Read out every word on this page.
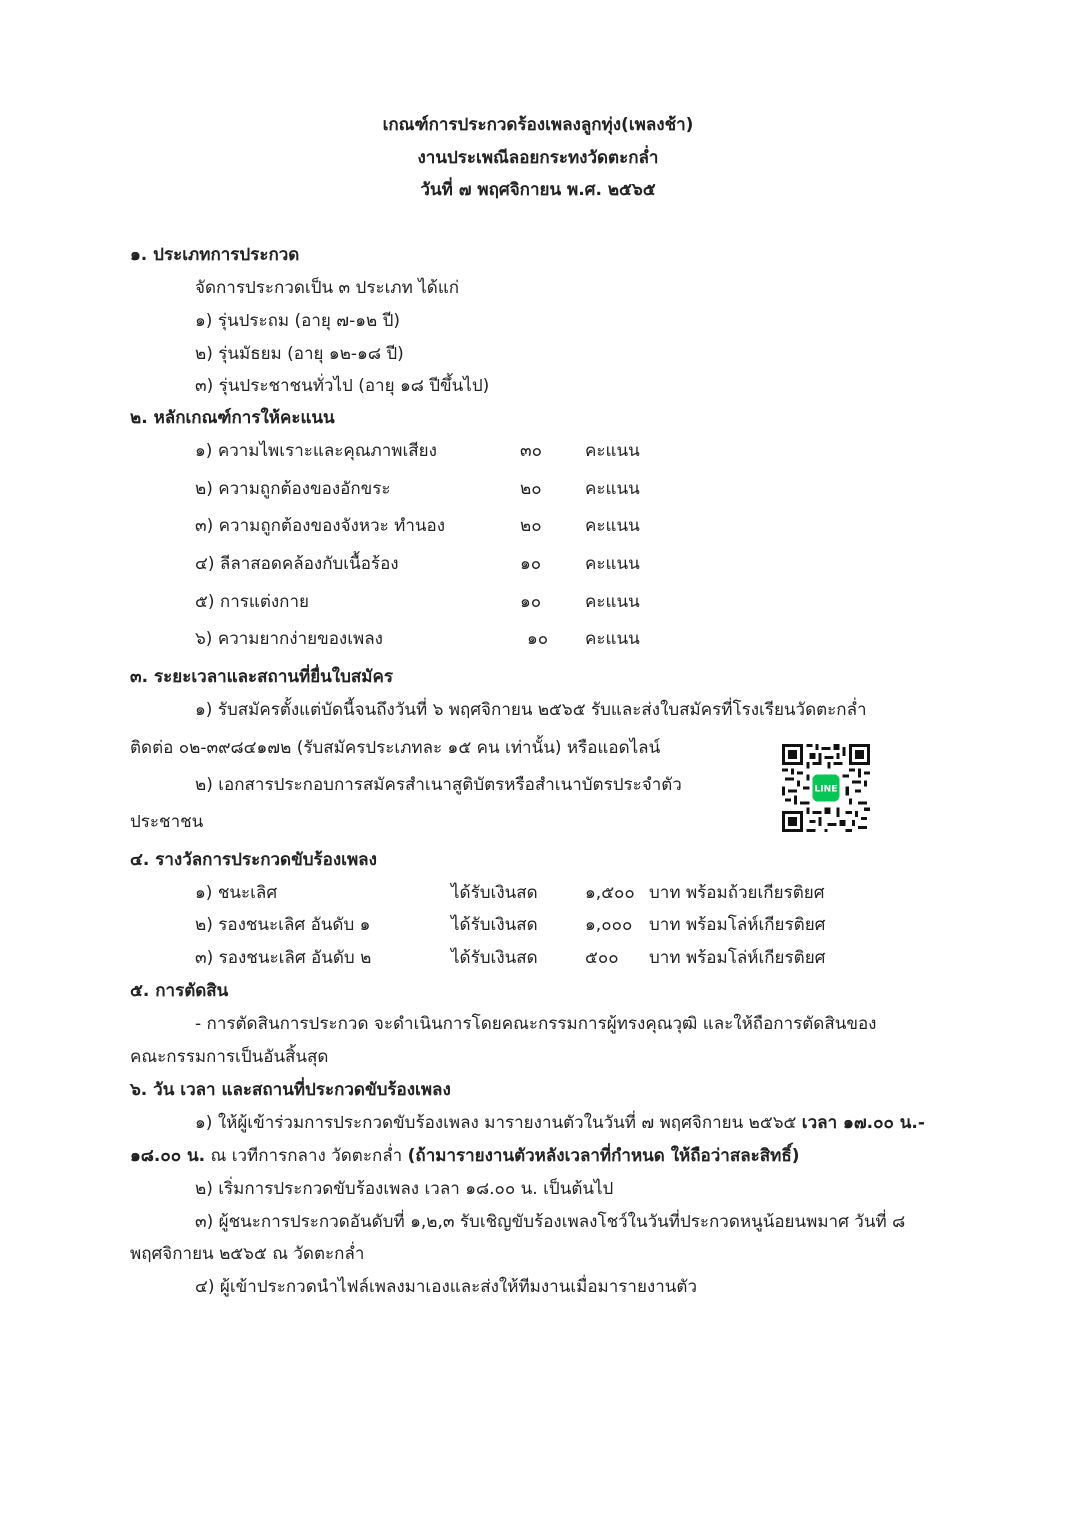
เกณฑ์การประกวดร้องเพลงลูกทุ่ง(เพลงช้า)
งานประเพณีลอยกระทงวัดตะกล่ำ
วันที่ ๗ พฤศจิกายน พ.ศ. ๒๕๖๕
๑. ประเภทการประกวด
จัดการประกวดเป็น ๓ ประเภท ได้แก่
๑) รุ่นประถม (อายุ ๗-๑๒ ปี)
๒) รุ่นมัธยม (อายุ ๑๒-๑๘ ปี)
๓) รุ่นประชาชนทั่วไป (อายุ ๑๘ ปีขึ้นไป)
๒. หลักเกณฑ์การให้คะแนน
๑) ความไพเราะและคุณภาพเสียง	๓๐	คะแนน
๒) ความถูกต้องของอักขระ	๒๐	คะแนน
๓) ความถูกต้องของจังหวะ ทำนอง	๒๐	คะแนน
๔) ลีลาสอดคล้องกับเนื้อร้อง	๑๐	คะแนน
๕) การแต่งกาย	๑๐	คะแนน
๖) ความยากง่ายของเพลง	๑๐ คะแนน
๓. ระยะเวลาและสถานที่ยื่นใบสมัคร
๑) รับสมัครตั้งแต่บัดนี้จนถึงวันที่ ๖ พฤศจิกายน ๒๕๖๕ รับและส่งใบสมัครที่โรงเรียนวัดตะกล่ำ
ติดต่อ ๐๒-๓๙๘๔๑๗๒ (รับสมัครประเภทละ ๑๕ คน เท่านั้น) หรือแอดไลน์
๒) เอกสารประกอบการสมัครสำเนาสูติบัตรหรือสำเนาบัตรประจำตัว
ประชาชน
LINE
๔. รางวัลการประกวดขับร้องเพลง
๑) ชนะเลิศ	ได้รับเงินสด	๑,๕๐๐ บาท พร้อมถ้วยเกียรติยศ
๒) รองชนะเลิศ อันดับ ๑	ได้รับเงินสด	๑,๐๐๐ บาท พร้อมโล่ห์เกียรติยศ
๓) รองชนะเลิศ อันดับ ๒	ได้รับเงินสด	๕๐๐ บาท พร้อมโล่ห์เกียรติยศ
๕. การตัดสิน
- การตัดสินการประกวด จะดำเนินการโดยคณะกรรมการผู้ทรงคุณวุฒิ และให้ถือการตัดสินของ
คณะกรรมการเป็นอันสิ้นสุด
๖. วัน เวลา และสถานที่ประกวดขับร้องเพลง
๑) ให้ผู้เข้าร่วมการประกวดขับร้องเพลง มารายงานตัวในวันที่ ๗ พฤศจิกายน ๒๕๖๕ เวลา ๑๗.๐๐ น.-
๑๘.๐๐ น. ณ เวทีการกลาง วัดตะกล่ำ (ถ้ามารายงานตัวหลังเวลาที่กำหนด ให้ถือว่าสละสิทธิ์)
๒) เริ่มการประกวดขับร้องเพลง เวลา ๑๘.๐๐ น. เป็นต้นไป
๓) ผู้ชนะการประกวดอันดับที่ ๑,๒,๓ รับเชิญขับร้องเพลงโชว์ในวันที่ประกวดหนูน้อยนพมาศ วันที่ ๘
พฤศจิกายน ๒๕๖๕ ณ วัดตะกล่ำ
๔) ผู้เข้าประกวดนำไฟล์เพลงมาเองและส่งให้ทีมงานเมื่อมารายงานตัว
